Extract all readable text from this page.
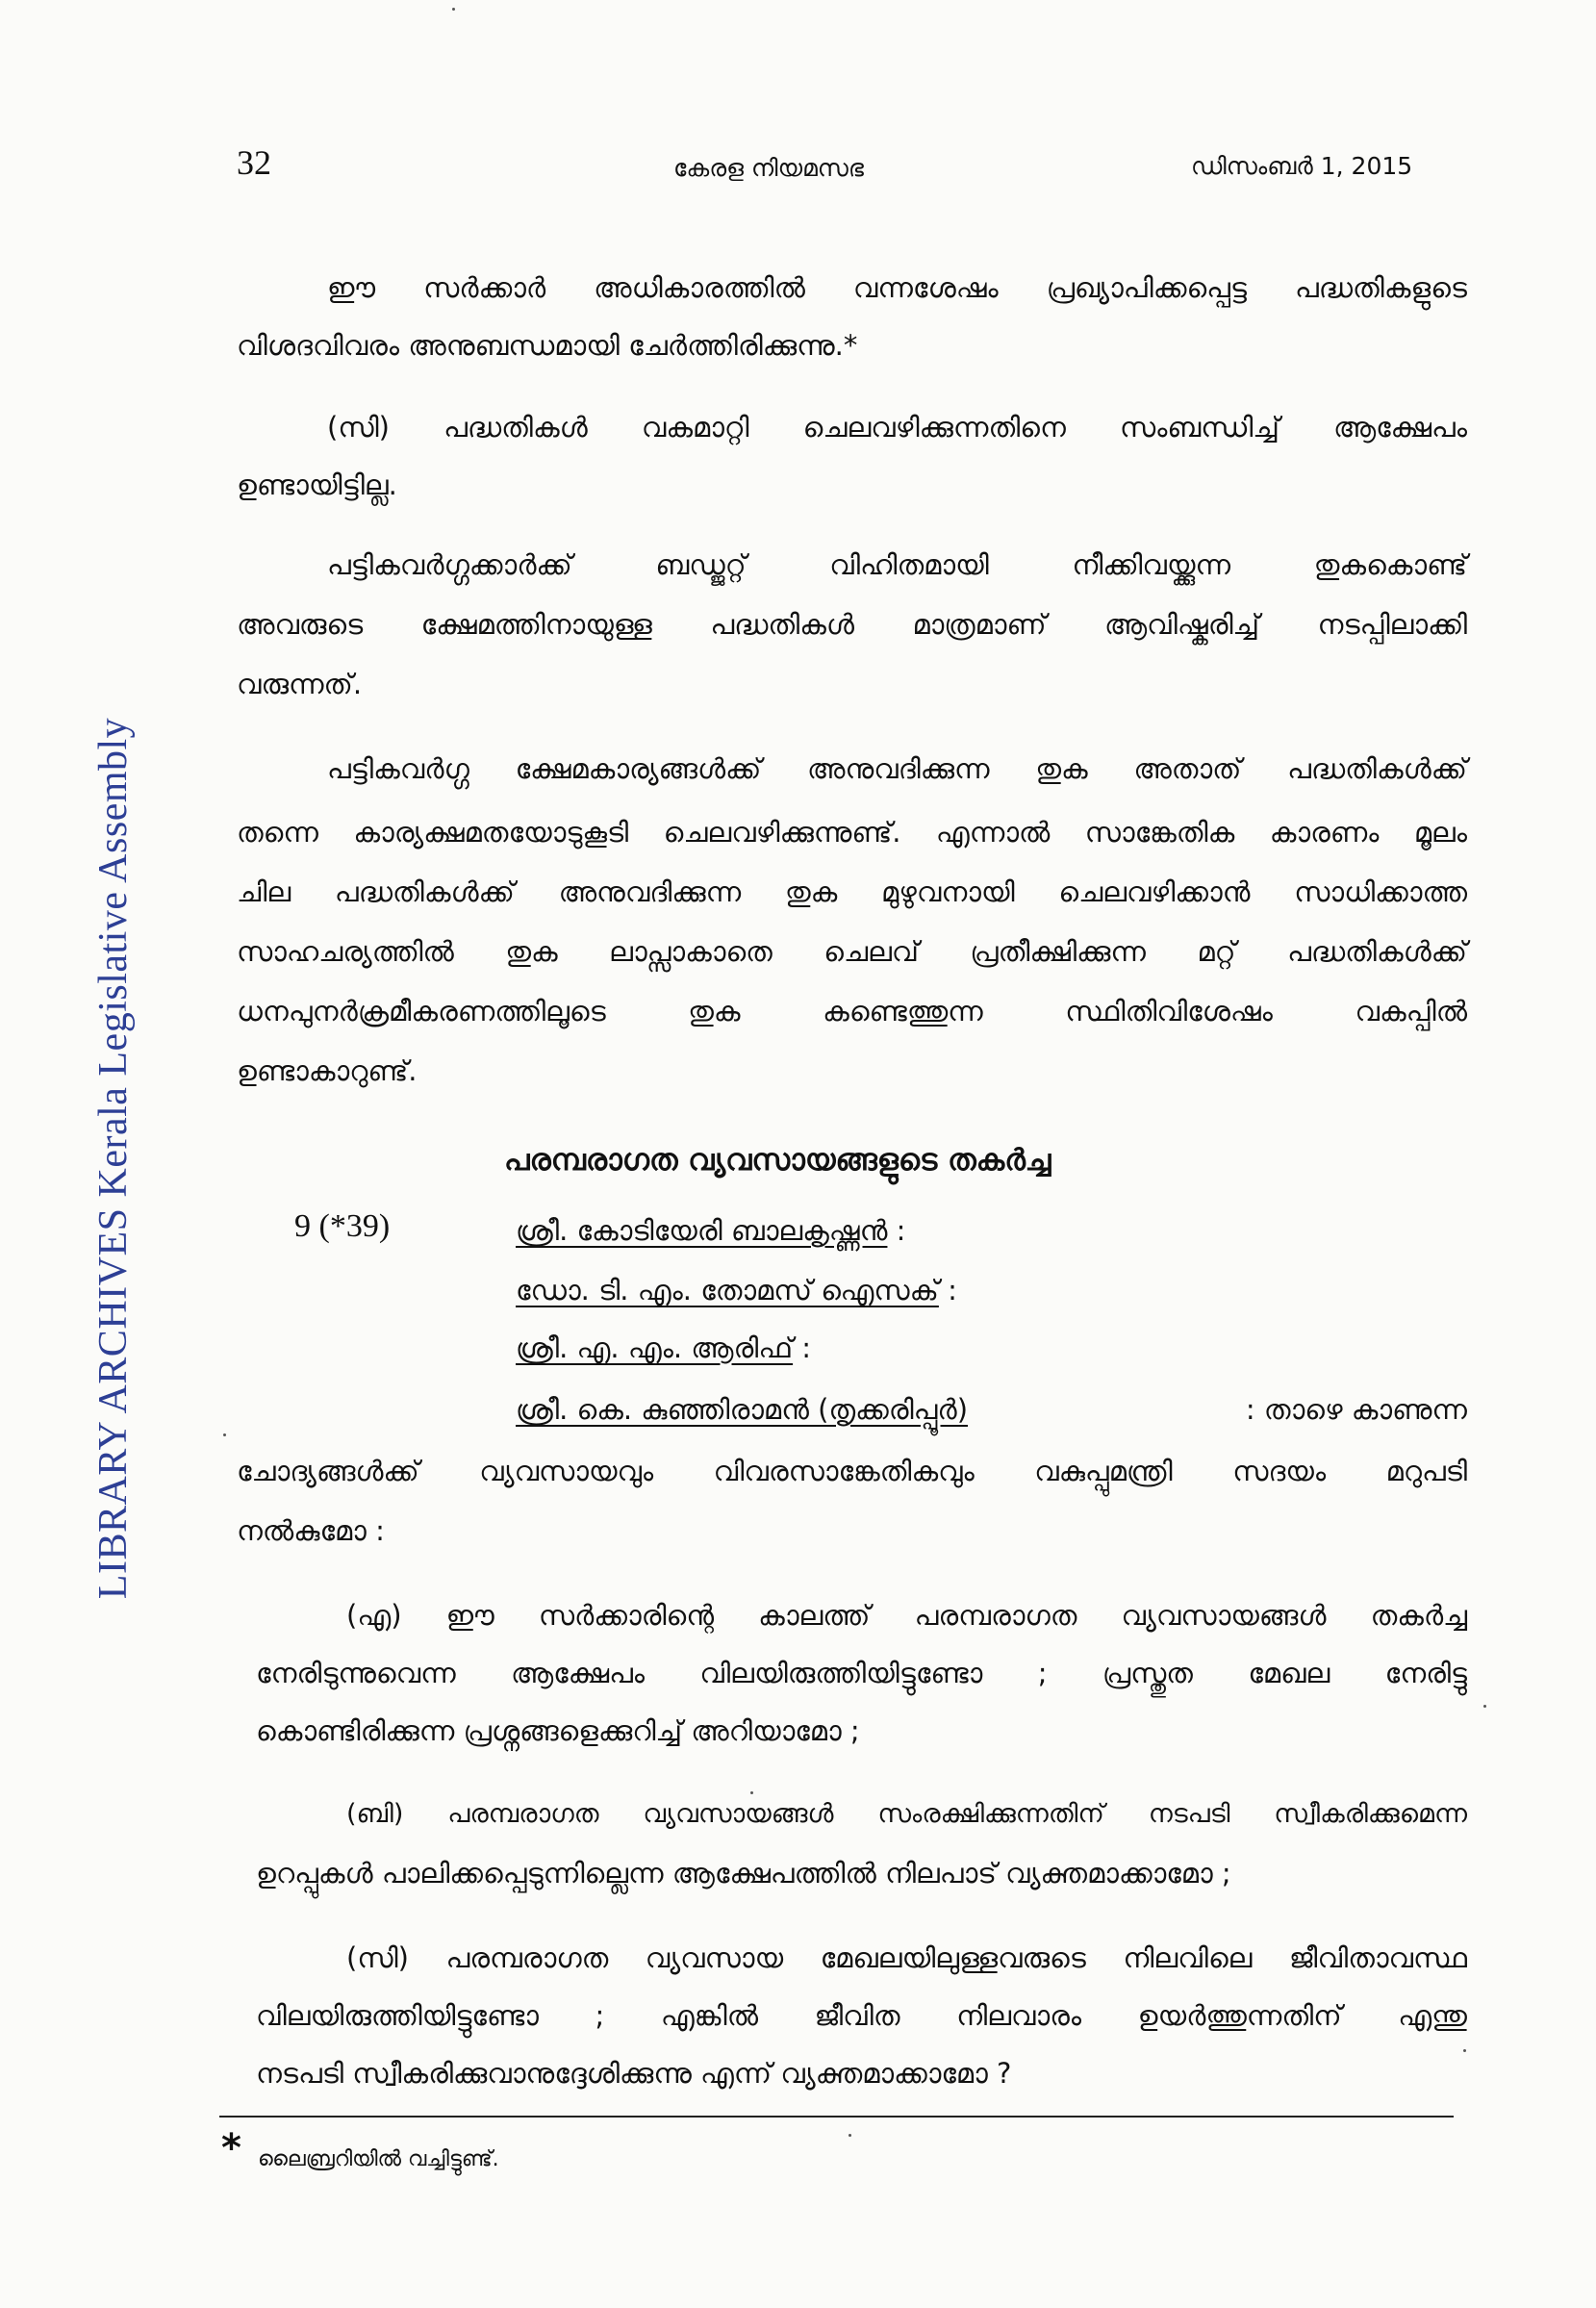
LIBRARY ARCHIVES Kerala Legislative Assembly
32	കേരള നിയമസഭ	ഡിസംബർ 1, 2015
ഈ സർക്കാർ അധികാരത്തിൽ വന്നശേഷം പ്രഖ്യാപിക്കപ്പെട്ട പദ്ധതികളുടെ
വിശദവിവരം അനുബന്ധമായി ചേർത്തിരിക്കുന്നു.*
(സി) പദ്ധതികൾ വകമാറ്റി ചെലവഴിക്കുന്നതിനെ സംബന്ധിച്ച് ആക്ഷേപം
ഉണ്ടായിട്ടില്ല.
പട്ടികവർഗ്ഗക്കാർക്ക് ബഡ്ജറ്റ് വിഹിതമായി നീക്കിവയ്ക്കുന്ന തുകകൊണ്ട്
അവരുടെ ക്ഷേമത്തിനായുള്ള പദ്ധതികൾ മാത്രമാണ് ആവിഷ്കരിച്ച് നടപ്പിലാക്കി
വരുന്നത്.
പട്ടികവർഗ്ഗ ക്ഷേമകാര്യങ്ങൾക്ക് അനുവദിക്കുന്ന തുക അതാത് പദ്ധതികൾക്ക്
തന്നെ കാര്യക്ഷമതയോടുകൂടി ചെലവഴിക്കുന്നുണ്ട്. എന്നാൽ സാങ്കേതിക കാരണം മൂലം
ചില പദ്ധതികൾക്ക് അനുവദിക്കുന്ന തുക മുഴുവനായി ചെലവഴിക്കാൻ സാധിക്കാത്ത
സാഹചര്യത്തിൽ തുക ലാപ്സാകാതെ ചെലവ് പ്രതീക്ഷിക്കുന്ന മറ്റ് പദ്ധതികൾക്ക്
ധനപുനർക്രമീകരണത്തിലൂടെ തുക കണ്ടെത്തുന്ന സ്ഥിതിവിശേഷം വകപ്പിൽ
ഉണ്ടാകാറുണ്ട്.
പരമ്പരാഗത വ്യവസായങ്ങളുടെ തകർച്ച
9 (*39)	ശ്രീ. കോടിയേരി ബാലകൃഷ്ണൻ :
ഡോ. ടി. എം. തോമസ് ഐസക് :
ശ്രീ. എ. എം. ആരിഫ് :
ശ്രീ. കെ. കുഞ്ഞിരാമൻ (തൃക്കരിപ്പൂർ)	: താഴെ കാണുന്ന
ചോദ്യങ്ങൾക്ക് വ്യവസായവും വിവരസാങ്കേതികവും വകുപ്പുമന്ത്രി സദയം മറുപടി
നൽകുമോ :
(എ) ഈ സർക്കാരിന്റെ കാലത്ത് പരമ്പരാഗത വ്യവസായങ്ങൾ തകർച്ച
നേരിടുന്നുവെന്ന ആക്ഷേപം വിലയിരുത്തിയിട്ടുണ്ടോ ; പ്രസ്തുത മേഖല നേരിട്ടു
കൊണ്ടിരിക്കുന്ന പ്രശ്നങ്ങളെക്കുറിച്ച് അറിയാമോ ;
(ബി) പരമ്പരാഗത വ്യവസായങ്ങൾ സംരക്ഷിക്കുന്നതിന് നടപടി സ്വീകരിക്കുമെന്ന
ഉറപ്പുകൾ പാലിക്കപ്പെടുന്നില്ലെന്ന ആക്ഷേപത്തിൽ നിലപാട് വ്യക്തമാക്കാമോ ;
(സി) പരമ്പരാഗത വ്യവസായ മേഖലയിലുള്ളവരുടെ നിലവിലെ ജീവിതാവസ്ഥ
വിലയിരുത്തിയിട്ടുണ്ടോ ; എങ്കിൽ ജീവിത നിലവാരം ഉയർത്തുന്നതിന് എന്തു
നടപടി സ്വീകരിക്കുവാനുദ്ദേശിക്കുന്നു എന്ന് വ്യക്തമാക്കാമോ ?
* ലൈബ്രറിയിൽ വച്ചിട്ടുണ്ട്.
